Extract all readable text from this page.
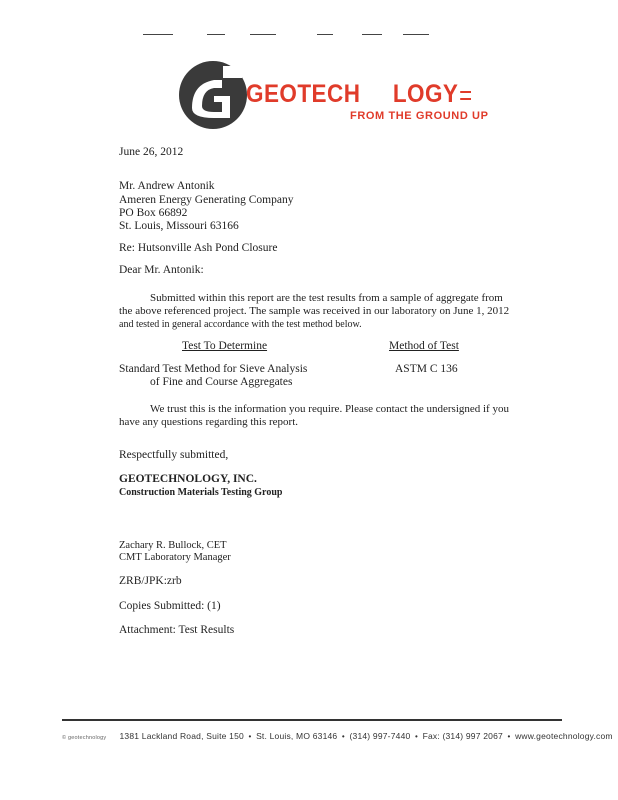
GEOTECH LOGY
FROM THE GROUND UP
June 26, 2012
Mr. Andrew Antonik
Ameren Energy Generating Company
PO Box 66892
St. Louis, Missouri 63166
Re: Hutsonville Ash Pond Closure
Dear Mr. Antonik:
Submitted within this report are the test results from a sample of aggregate from
the above referenced project. The sample was received in our laboratory on June 1, 2012
and tested in general accordance with the test method below.
Test To Determine	Method of Test
Standard Test Method for Sieve Analysis
of Fine and Course Aggregates
ASTM C 136
We trust this is the information you require. Please contact the undersigned if you
have any questions regarding this report.
Respectfully submitted,
GEOTECHNOLOGY, INC.
Construction Materials Testing Group
Zachary R. Bullock, CET
CMT Laboratory Manager
ZRB/JPK:zrb
Copies Submitted: (1)
Attachment: Test Results
© geotechnology 1381 Lackland Road, Suite 150 • St. Louis, MO 63146 • (314) 997-7440 • Fax: (314) 997 2067 • www.geotechnology.com
